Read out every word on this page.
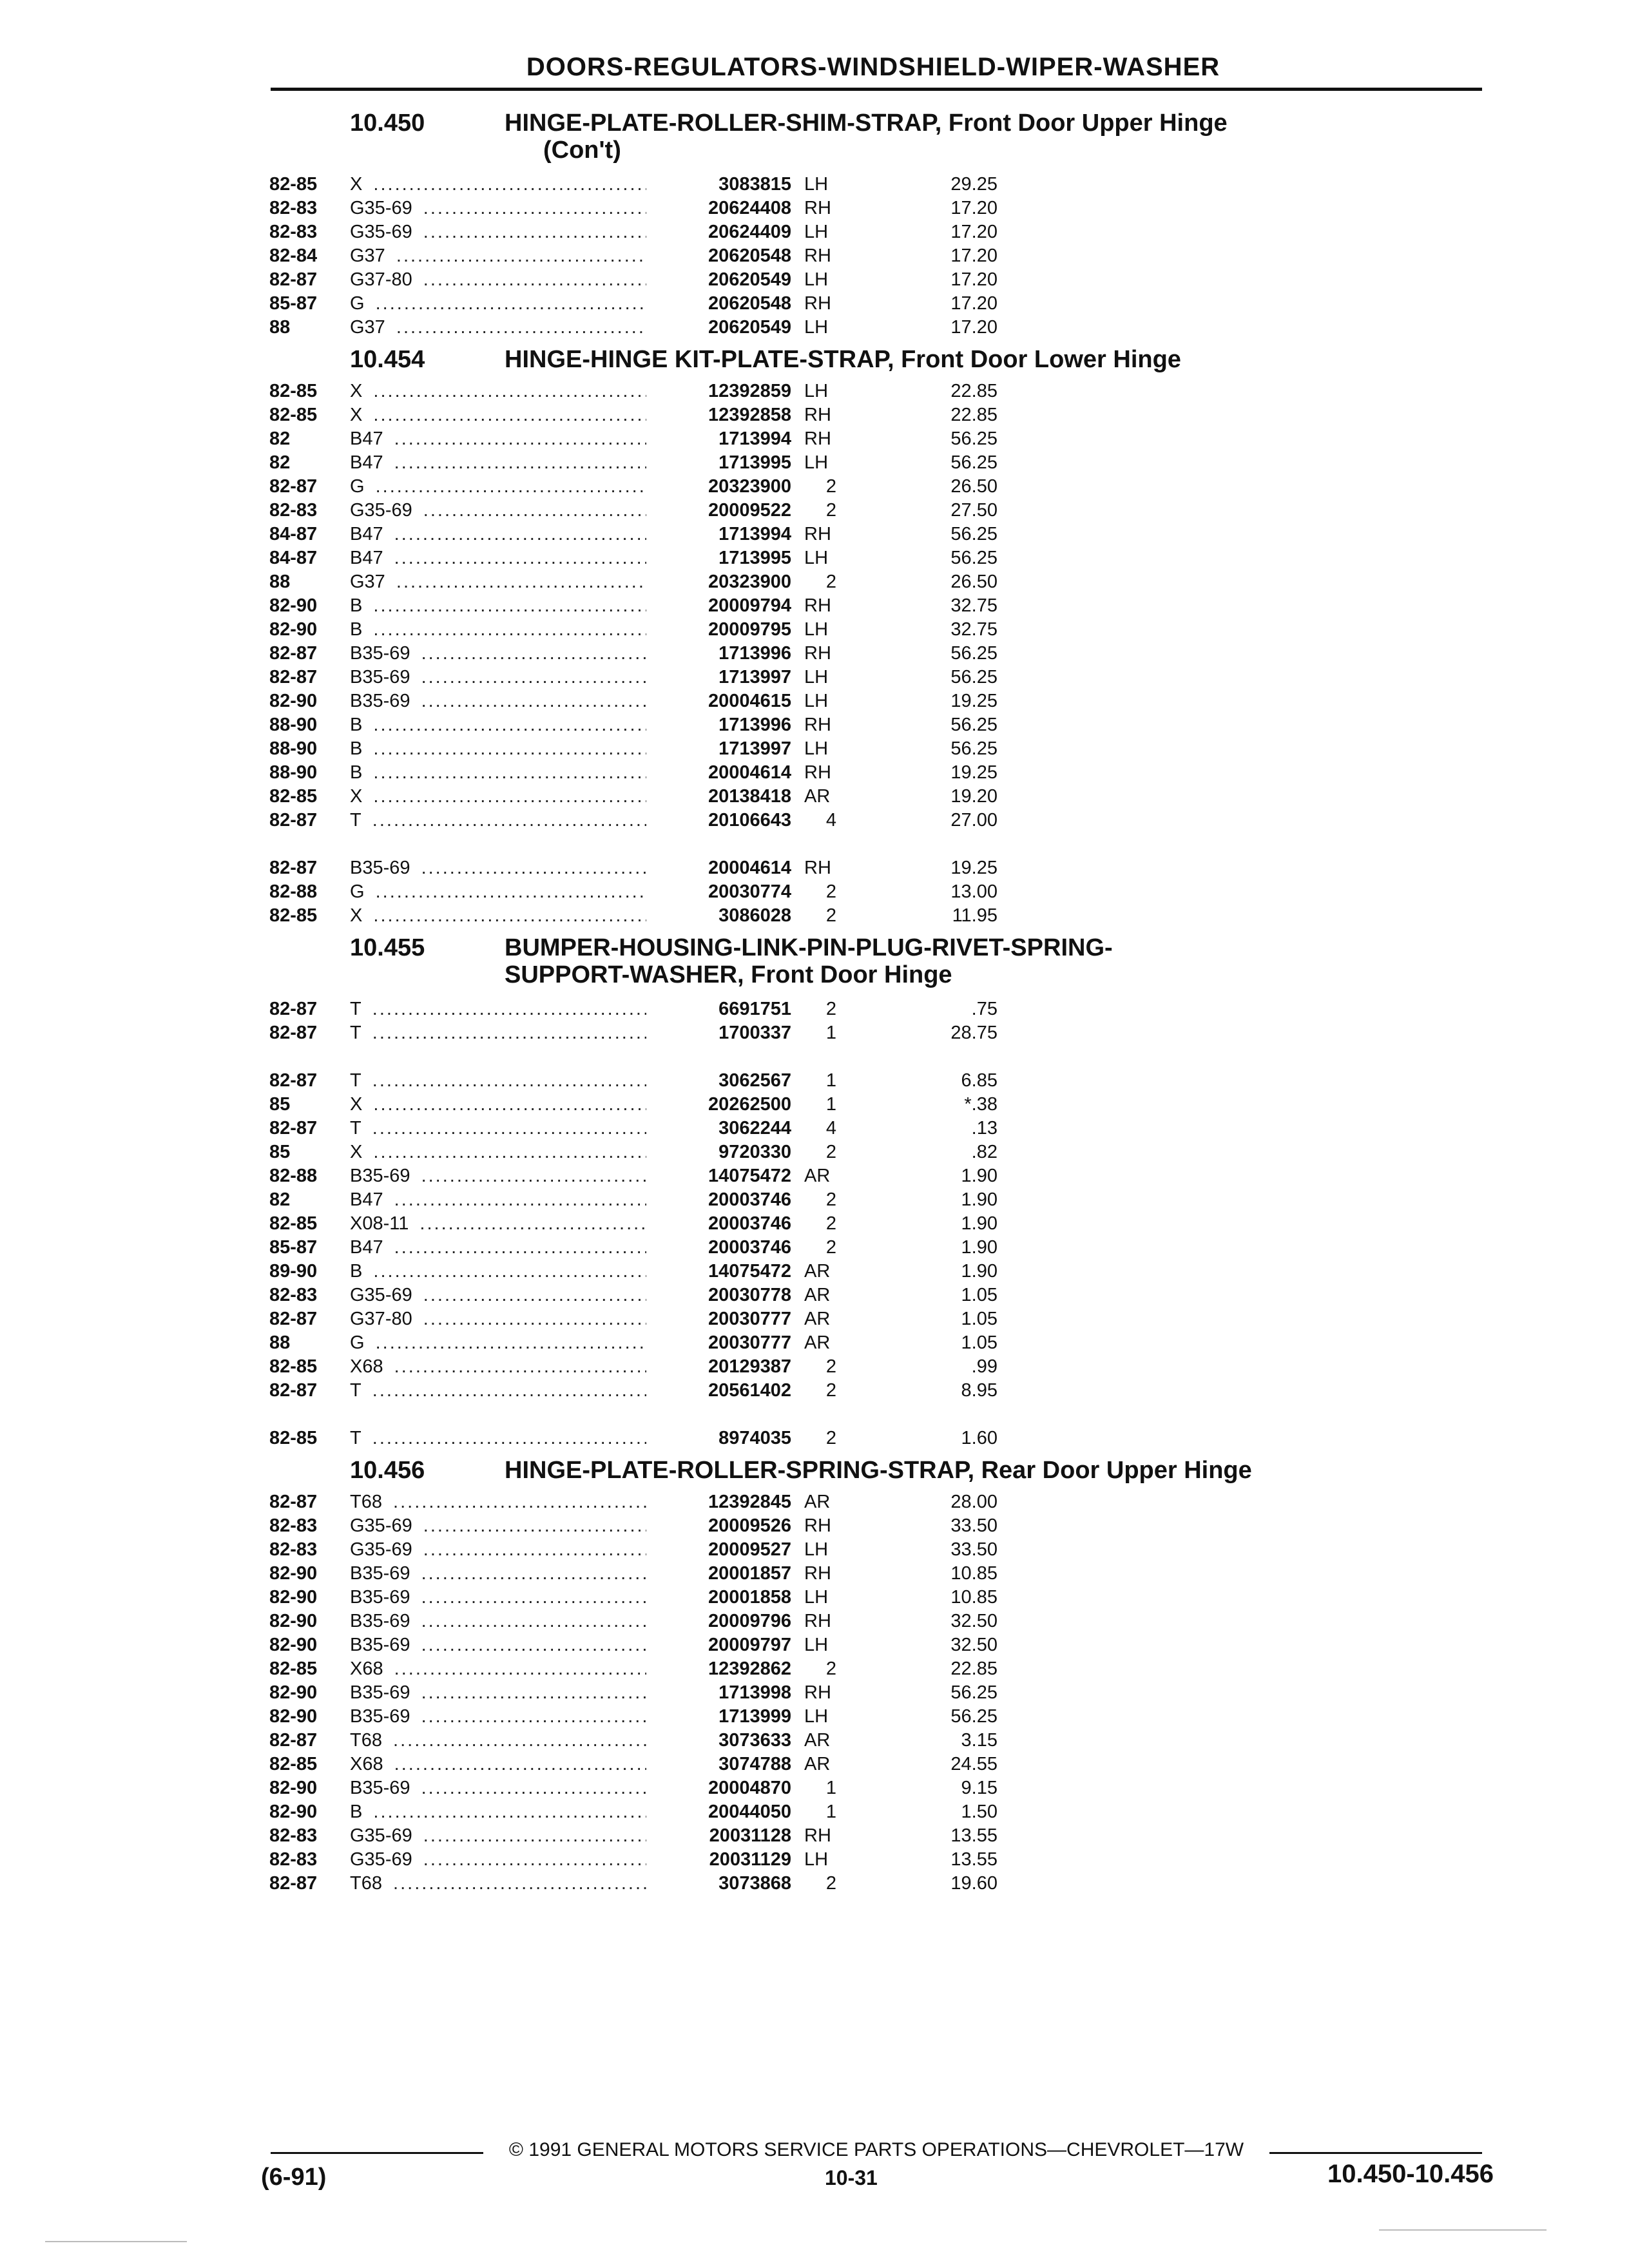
DOORS-REGULATORS-WINDSHIELD-WIPER-WASHER
10.450	HINGE-PLATE-ROLLER-SHIM-STRAP, Front Door Upper Hinge
(Con't)
82-85	X .....	3083815 LH	29.25
82-83	G35-69 .....	20624408 RH	17.20
82-83	G35-69 .....	20624409 LH	17.20
82-84	G37 .....	20620548 RH	17.20
82-87	G37-80 .....	20620549 LH	17.20
85-87	G .....	20620548 RH	17.20
88	G37 .....	20620549 LH	17.20
10.454	HINGE-HINGE KIT-PLATE-STRAP, Front Door Lower Hinge
82-85	X .....	12392859 LH	22.85
82-85	X .....	12392858 RH	22.85
82	B47 .....	1713994 RH	56.25
82	B47 .....	1713995 LH	56.25
82-87	G .....	20323900	2	26.50
82-83	G35-69 .....	20009522	2	27.50
84-87	B47 .....	1713994 RH	56.25
84-87	B47 .....	1713995 LH	56.25
88	G37 .....	20323900	2	26.50
82-90	B .....	20009794 RH	32.75
82-90	B .....	20009795 LH	32.75
82-87	B35-69 .....	1713996 RH	56.25
82-87	B35-69 .....	1713997 LH	56.25
82-90	B35-69 .....	20004615 LH	19.25
88-90	B .....	1713996 RH	56.25
88-90	B .....	1713997 LH	56.25
88-90	B .....	20004614 RH	19.25
82-85	X .....	20138418 AR	19.20
82-87	T .....	20106643	4	27.00
82-87	B35-69 .....	20004614 RH	19.25
82-88	G .....	20030774	2	13.00
82-85	X .....	3086028	2	11.95
10.455	BUMPER-HOUSING-LINK-PIN-PLUG-RIVET-SPRING-
SUPPORT-WASHER, Front Door Hinge
82-87	T .....	6691751	2	.75
82-87	T .....	1700337	1	28.75
82-87	T .....	3062567	1	6.85
85	X .....	20262500	1	*.38
82-87	T .....	3062244	4	.13
85	X .....	9720330	2	.82
82-88	B35-69 .....	14075472 AR	1.90
82	B47 .....	20003746	2	1.90
82-85	X08-11 .....	20003746	2	1.90
85-87	B47 .....	20003746	2	1.90
89-90	B .....	14075472 AR	1.90
82-83	G35-69 .....	20030778 AR	1.05
82-87	G37-80 .....	20030777 AR	1.05
88	G .....	20030777 AR	1.05
82-85	X68 .....	20129387	2	.99
82-87	T .....	20561402	2	8.95
82-85	T .....	8974035	2	1.60
10.456	HINGE-PLATE-ROLLER-SPRING-STRAP, Rear Door Upper Hinge
82-87	T68 .....	12392845 AR	28.00
82-83	G35-69 .....	20009526 RH	33.50
82-83	G35-69 .....	20009527 LH	33.50
82-90	B35-69 .....	20001857 RH	10.85
82-90	B35-69 .....	20001858 LH	10.85
82-90	B35-69 .....	20009796 RH	32.50
82-90	B35-69 .....	20009797 LH	32.50
82-85	X68 .....	12392862	2	22.85
82-90	B35-69 .....	1713998 RH	56.25
82-90	B35-69 .....	1713999 LH	56.25
82-87	T68 .....	3073633 AR	3.15
82-85	X68 .....	3074788 AR	24.55
82-90	B35-69 .....	20004870	1	9.15
82-90	B .....	20044050	1	1.50
82-83	G35-69 .....	20031128 RH	13.55
82-83	G35-69 .....	20031129 LH	13.55
82-87	T68 .....	3073868	2	19.60
© 1991 GENERAL MOTORS SERVICE PARTS OPERATIONS—CHEVROLET—17W
(6-91)	10-31	10.450-10.456
